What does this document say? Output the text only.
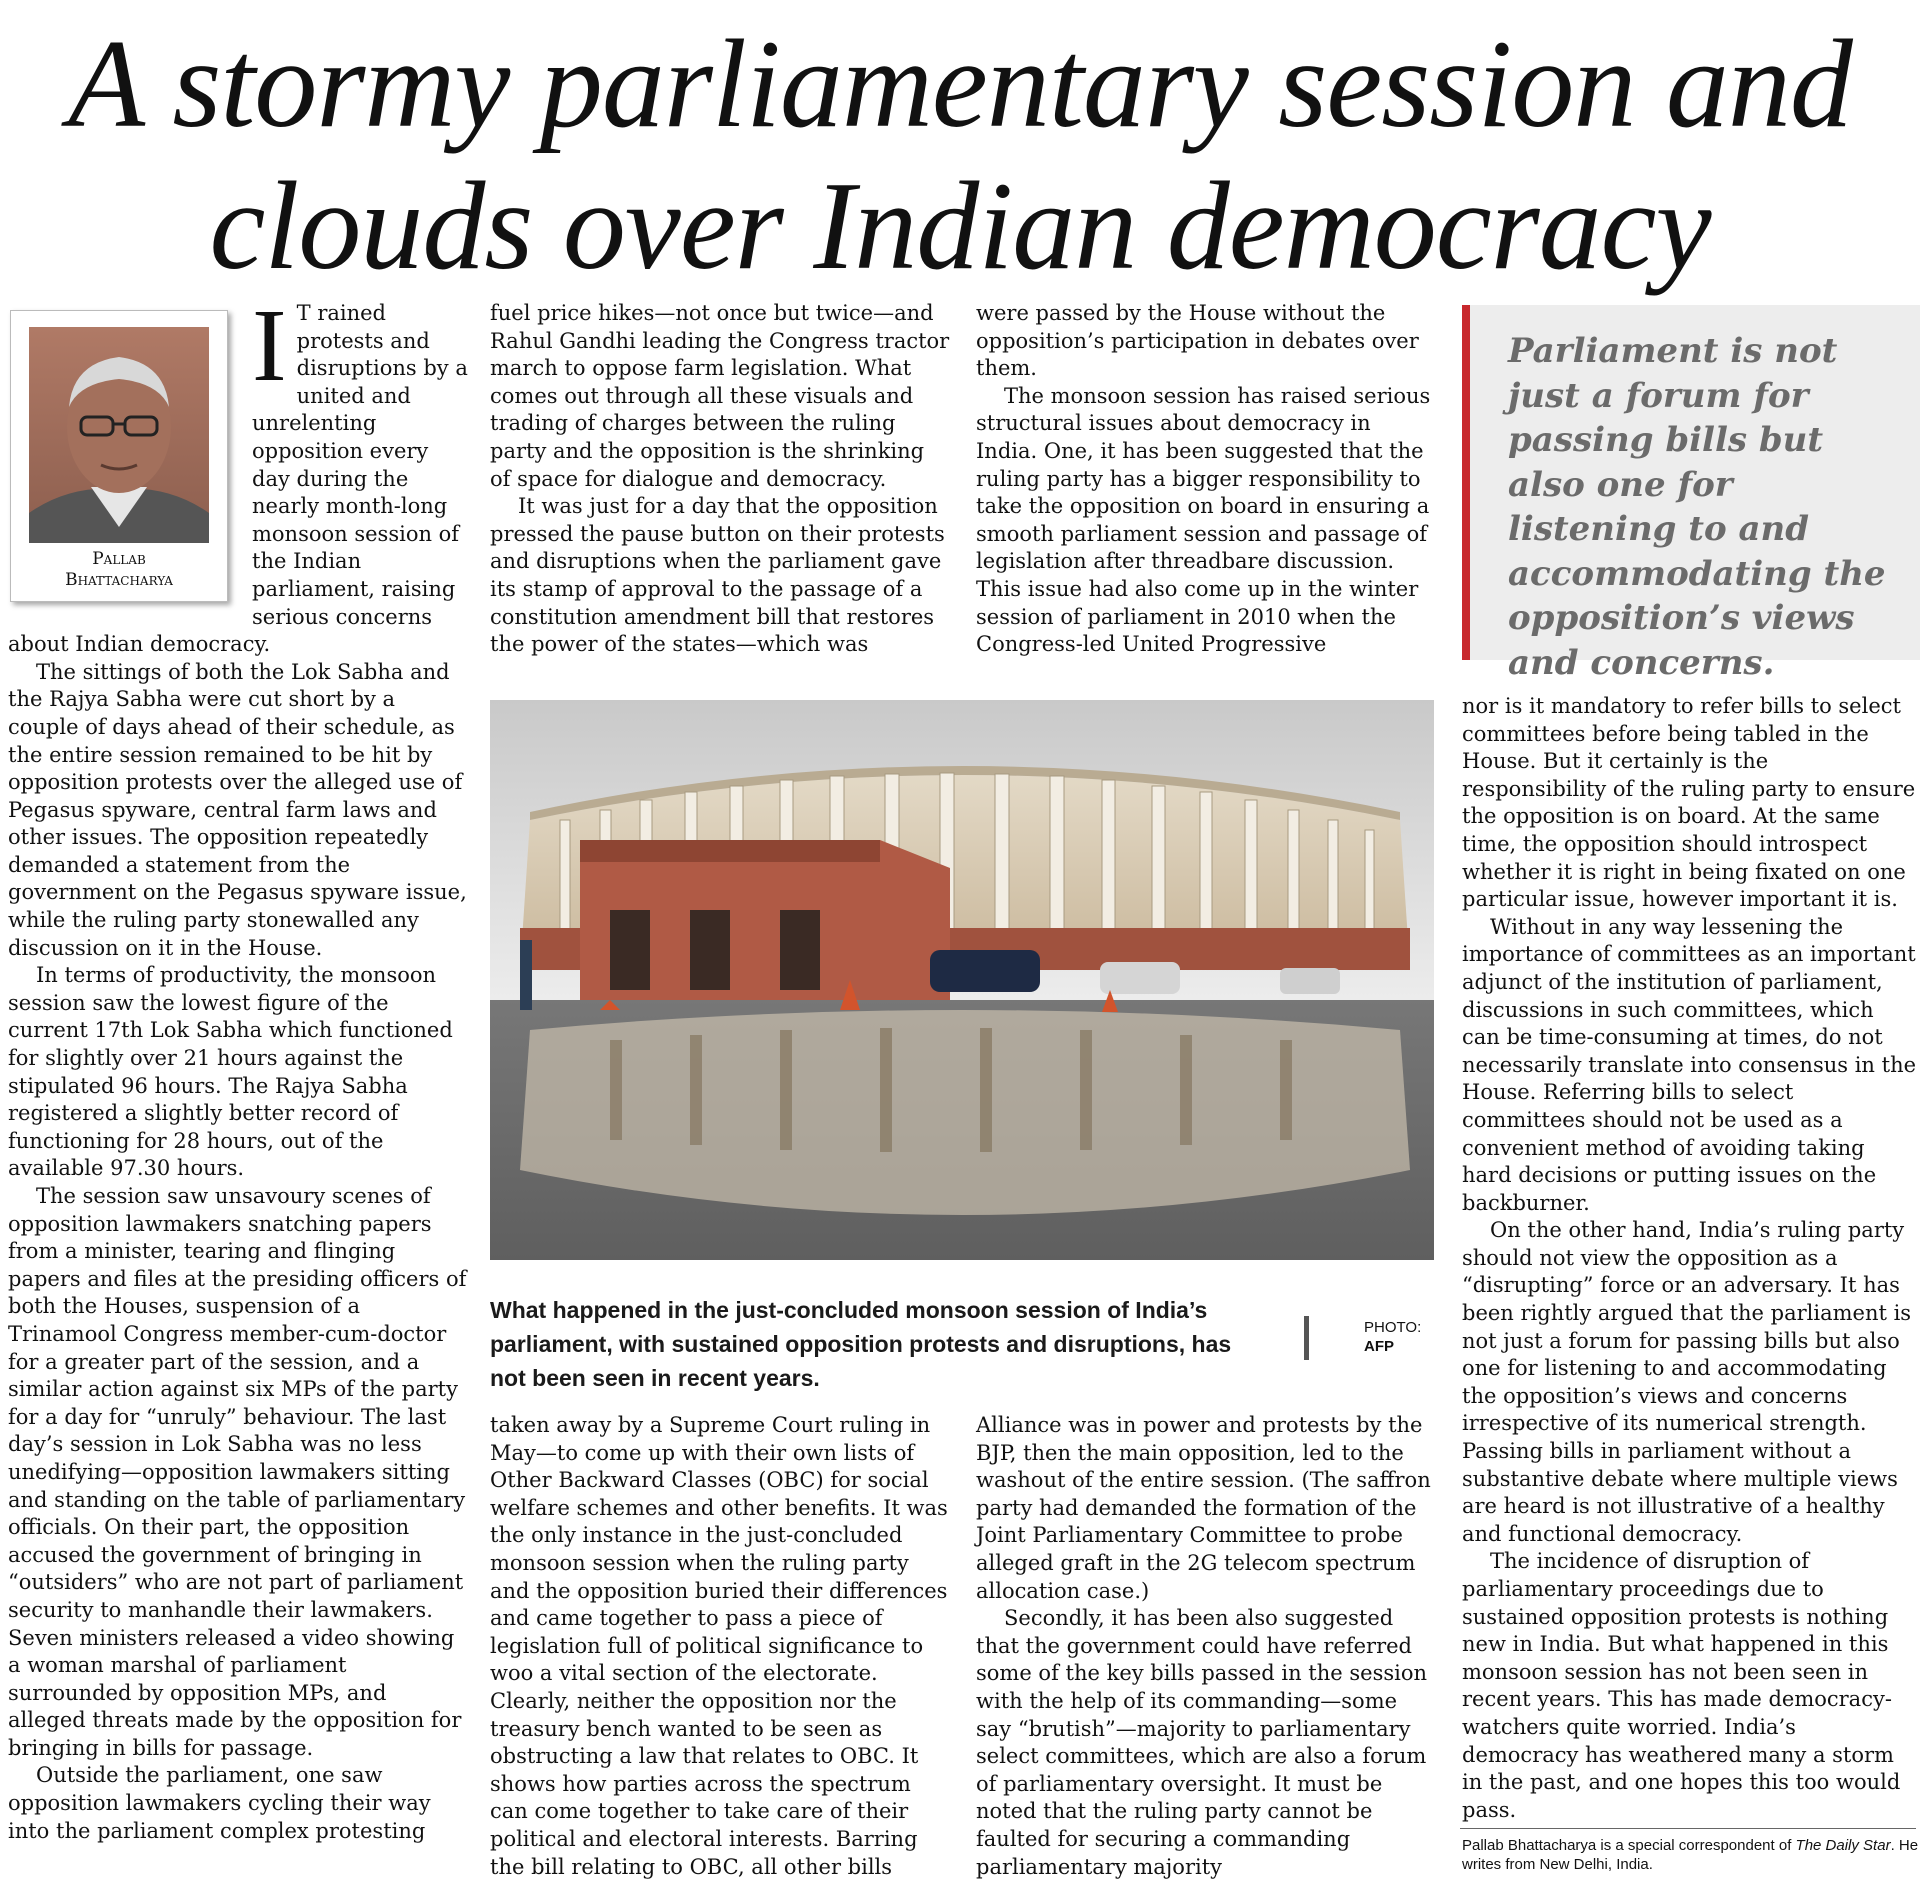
A stormy parliamentary session and
clouds over Indian democracy
Pallab
Bhattacharya

I T rained protests and disruptions by a united and unrelenting opposition every day during the nearly month-long monsoon session of the Indian parliament, raising serious concerns about Indian democracy.

The sittings of both the Lok Sabha and the Rajya Sabha were cut short by a couple of days ahead of their schedule, as the entire session remained to be hit by opposition protests over the alleged use of Pegasus spyware, central farm laws and other issues. The opposition repeatedly demanded a statement from the government on the Pegasus spyware issue, while the ruling party stonewalled any discussion on it in the House.

In terms of productivity, the monsoon session saw the lowest figure of the current 17th Lok Sabha which functioned for slightly over 21 hours against the stipulated 96 hours. The Rajya Sabha registered a slightly better record of functioning for 28 hours, out of the available 97.30 hours.

The session saw unsavoury scenes of opposition lawmakers snatching papers from a minister, tearing and flinging papers and files at the presiding officers of both the Houses, suspension of a Trinamool Congress member-cum-doctor for a greater part of the session, and a similar action against six MPs of the party for a day for “unruly” behaviour. The last day’s session in Lok Sabha was no less unedifying—opposition lawmakers sitting and standing on the table of parliamentary officials. On their part, the opposition accused the government of bringing in “outsiders” who are not part of parliament security to manhandle their lawmakers. Seven ministers released a video showing a woman marshal of parliament surrounded by opposition MPs, and alleged threats made by the opposition for bringing in bills for passage.

Outside the parliament, one saw opposition lawmakers cycling their way into the parliament complex protesting

fuel price hikes—not once but twice—and Rahul Gandhi leading the Congress tractor march to oppose farm legislation. What comes out through all these visuals and trading of charges between the ruling party and the opposition is the shrinking of space for dialogue and democracy.

It was just for a day that the opposition pressed the pause button on their protests and disruptions when the parliament gave its stamp of approval to the passage of a constitution amendment bill that restores the power of the states—which was

were passed by the House without the opposition’s participation in debates over them.

The monsoon session has raised serious structural issues about democracy in India. One, it has been suggested that the ruling party has a bigger responsibility to take the opposition on board in ensuring a smooth parliament session and passage of legislation after threadbare discussion. This issue had also come up in the winter session of parliament in 2010 when the Congress-led United Progressive

Parliament is not just a forum for passing bills but also one for listening to and accommodating the opposition’s views and concerns.
What happened in the just-concluded monsoon session of India’s parliament, with sustained opposition protests and disruptions, has not been seen in recent years.
PHOTO:
AFP

taken away by a Supreme Court ruling in May—to come up with their own lists of Other Backward Classes (OBC) for social welfare schemes and other benefits. It was the only instance in the just-concluded monsoon session when the ruling party and the opposition buried their differences and came together to pass a piece of legislation full of political significance to woo a vital section of the electorate. Clearly, neither the opposition nor the treasury bench wanted to be seen as obstructing a law that relates to OBC. It shows how parties across the spectrum can come together to take care of their political and electoral interests. Barring the bill relating to OBC, all other bills

Alliance was in power and protests by the BJP, then the main opposition, led to the washout of the entire session. (The saffron party had demanded the formation of the Joint Parliamentary Committee to probe alleged graft in the 2G telecom spectrum allocation case.)

Secondly, it has been also suggested that the government could have referred some of the key bills passed in the session with the help of its commanding—some say “brutish”—majority to parliamentary select committees, which are also a forum of parliamentary oversight. It must be noted that the ruling party cannot be faulted for securing a commanding parliamentary majority

nor is it mandatory to refer bills to select committees before being tabled in the House. But it certainly is the responsibility of the ruling party to ensure the opposition is on board. At the same time, the opposition should introspect whether it is right in being fixated on one particular issue, however important it is.

Without in any way lessening the importance of committees as an important adjunct of the institution of parliament, discussions in such committees, which can be time-consuming at times, do not necessarily translate into consensus in the House. Referring bills to select committees should not be used as a convenient method of avoiding taking hard decisions or putting issues on the backburner.

On the other hand, India’s ruling party should not view the opposition as a “disrupting” force or an adversary. It has been rightly argued that the parliament is not just a forum for passing bills but also one for listening to and accommodating the opposition’s views and concerns irrespective of its numerical strength. Passing bills in parliament without a substantive debate where multiple views are heard is not illustrative of a healthy and functional democracy.

The incidence of disruption of parliamentary proceedings due to sustained opposition protests is nothing new in India. But what happened in this monsoon session has not been seen in recent years. This has made democracy-watchers quite worried. India’s democracy has weathered many a storm in the past, and one hopes this too would pass.

Pallab Bhattacharya is a special correspondent of The Daily Star. He writes from New Delhi, India.
